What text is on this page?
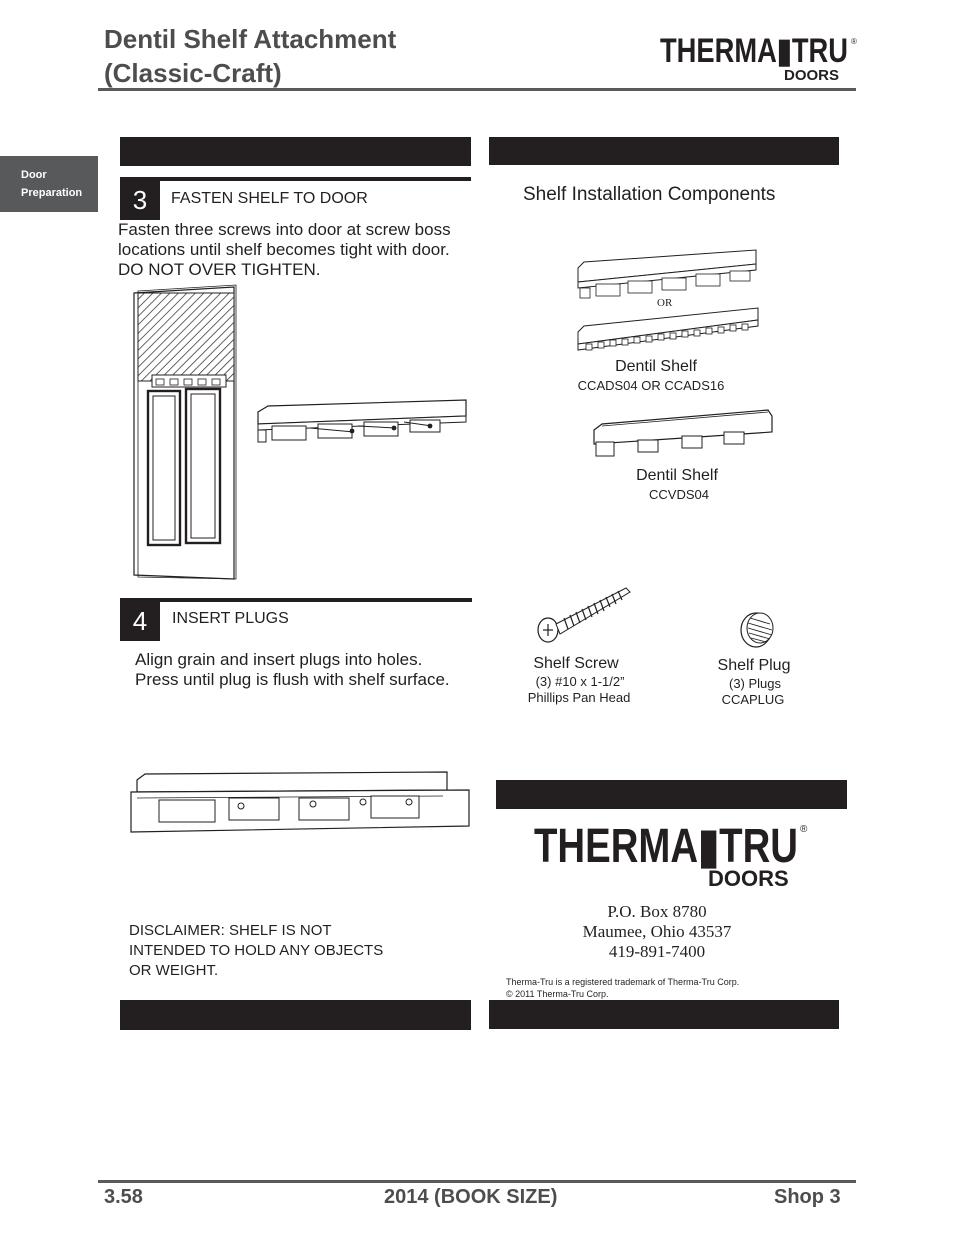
Dentil Shelf Attachment
(Classic-Craft)
THERMA▮TRU ®
DOORS
Door
Preparation	3	FASTEN SHELF TO DOOR
Fasten three screws into door at screw boss
locations until shelf becomes tight with door.
DO NOT OVER TIGHTEN.
4	INSERT PLUGS
Align grain and insert plugs into holes.
Press until plug is flush with shelf surface.
DISCLAIMER: SHELF IS NOT
INTENDED TO HOLD ANY OBJECTS
OR WEIGHT.
Shelf Installation Components
OR
Dentil Shelf
CCADS04 OR CCADS16
Dentil Shelf
CCVDS04
Shelf Screw
(3) #10 x 1-1/2”
Phillips Pan Head
Shelf Plug
(3) Plugs
CCAPLUG
THERMA▮TRU ®
DOORS
P.O. Box 8780
Maumee, Ohio 43537
419-891-7400
Therma-Tru is a registered trademark of Therma-Tru Corp.
© 2011 Therma-Tru Corp.
3.58	2014 (BOOK SIZE)	Shop 3
